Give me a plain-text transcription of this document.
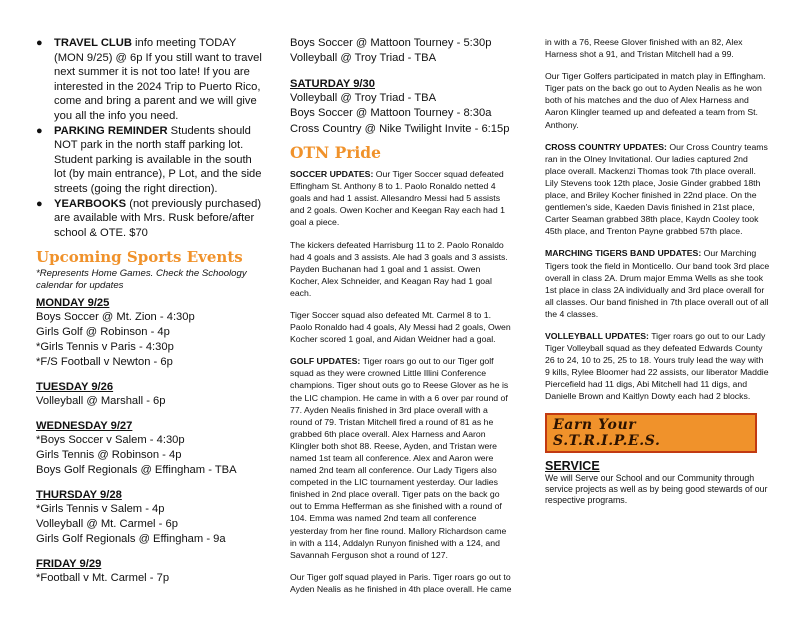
● TRAVEL CLUB info meeting TODAY (MON 9/25) @ 6p If you still want to travel next summer it is not too late! If you are interested in the 2024 Trip to Puerto Rico, come and bring a parent and we will give you all the info you need.
● PARKING REMINDER Students should NOT park in the north staff parking lot. Student parking is available in the south lot (by main entrance), P Lot, and the side streets (going the right direction).
● YEARBOOKS (not previously purchased) are available with Mrs. Rusk before/after school & OTE. $70
Upcoming Sports Events
*Represents Home Games. Check the Schoology calendar for updates
MONDAY 9/25
Boys Soccer @ Mt. Zion - 4:30p
Girls Golf @ Robinson - 4p
*Girls Tennis v Paris - 4:30p
*F/S Football v Newton - 6p
TUESDAY 9/26
Volleyball @ Marshall - 6p
WEDNESDAY 9/27
*Boys Soccer v Salem - 4:30p
Girls Tennis @ Robinson - 4p
Boys Golf Regionals @ Effingham - TBA
THURSDAY 9/28
*Girls Tennis v Salem - 4p
Volleyball @ Mt. Carmel - 6p
Girls Golf Regionals @ Effingham - 9a
FRIDAY 9/29
*Football v Mt. Carmel - 7p
Boys Soccer @ Mattoon Tourney - 5:30p
Volleyball @ Troy Triad - TBA
SATURDAY 9/30
Volleyball @ Troy Triad - TBA
Boys Soccer @ Mattoon Tourney - 8:30a
Cross Country @ Nike Twilight Invite - 6:15p
OTN Pride

SOCCER UPDATES: Our Tiger Soccer squad defeated Effingham St. Anthony 8 to 1. Paolo Ronaldo netted 4 goals and had 1 assist. Allesandro Messi had 5 assists and 2 goals. Owen Kocher and Keegan Ray each had 1 goal a piece.

The kickers defeated Harrisburg 11 to 2. Paolo Ronaldo had 4 goals and 3 assists. Ale had 3 goals and 3 assists. Payden Buchanan had 1 goal and 1 assist. Owen Kocher, Alex Schneider, and Keagan Ray had 1 goal each.

Tiger Soccer squad also defeated Mt. Carmel 8 to 1. Paolo Ronaldo had 4 goals, Aly Messi had 2 goals, Owen Kocher scored 1 goal, and Aidan Weidner had a goal.

GOLF UPDATES: Tiger roars go out to our Tiger golf squad as they were crowned Little Illini Conference champions. Tiger shout outs go to Reese Glover as he is the LIC champion. He came in with a 6 over par round of 77. Ayden Nealis finished in 3rd place overall with a round of 79. Tristan Mitchell fired a round of 81 as he grabbed 6th place overall. Alex Harness and Aaron Klingler both shot 88. Reese, Ayden, and Tristan were named 1st team all conference. Alex and Aaron were named 2nd team all conference. Our Lady Tigers also competed in the LIC tournament yesterday. Our ladies finished in 2nd place overall. Tiger pats on the back go out to Emma Hefferman as she finished with a round of 104. Emma was named 2nd team all conference yesterday from her fine round. Mallory Richardson came in with a 114, Addalyn Runyon finished with a 124, and Savannah Ferguson shot a round of 127.

Our Tiger golf squad played in Paris. Tiger roars go out to Ayden Nealis as he finished in 4th place overall. He came

in with a 76, Reese Glover finished with an 82, Alex Harness shot a 91, and Tristan Mitchell had a 99.

Our Tiger Golfers participated in match play in Effingham. Tiger pats on the back go out to Ayden Nealis as he won both of his matches and the duo of Alex Harness and Aaron Klingler teamed up and defeated a team from St. Anthony.

CROSS COUNTRY UPDATES: Our Cross Country teams ran in the Olney Invitational. Our ladies captured 2nd place overall. Mackenzi Thomas took 7th place overall. Lily Stevens took 12th place, Josie Ginder grabbed 18th place, and Briley Kocher finished in 22nd place. On the gentlemen's side, Kaeden Davis finished in 21st place, Carter Seaman grabbed 38th place, Kaydn Cooley took 45th place, and Trenton Payne grabbed 57th place.

MARCHING TIGERS BAND UPDATES: Our Marching Tigers took the field in Monticello. Our band took 3rd place overall in class 2A. Drum major Emma Wells as she took 1st place in class 2A individually and 3rd place overall for all classes. Our band finished in 7th place overall out of all the 4 classes.

VOLLEYBALL UPDATES: Tiger roars go out to our Lady Tiger Volleyball squad as they defeated Edwards County 26 to 24, 10 to 25, 25 to 18. Yours truly lead the way with 9 kills, Rylee Bloomer had 22 assists, our liberator Maddie Piercefield had 11 digs, Abi Mitchell had 11 digs, and Danielle Brown and Kaitlyn Dowty each had 2 blocks.

Earn Your S.T.R.I.P.E.S.
SERVICE
We will Serve our School and our Community through service projects as well as by being good stewards of our respective programs.
